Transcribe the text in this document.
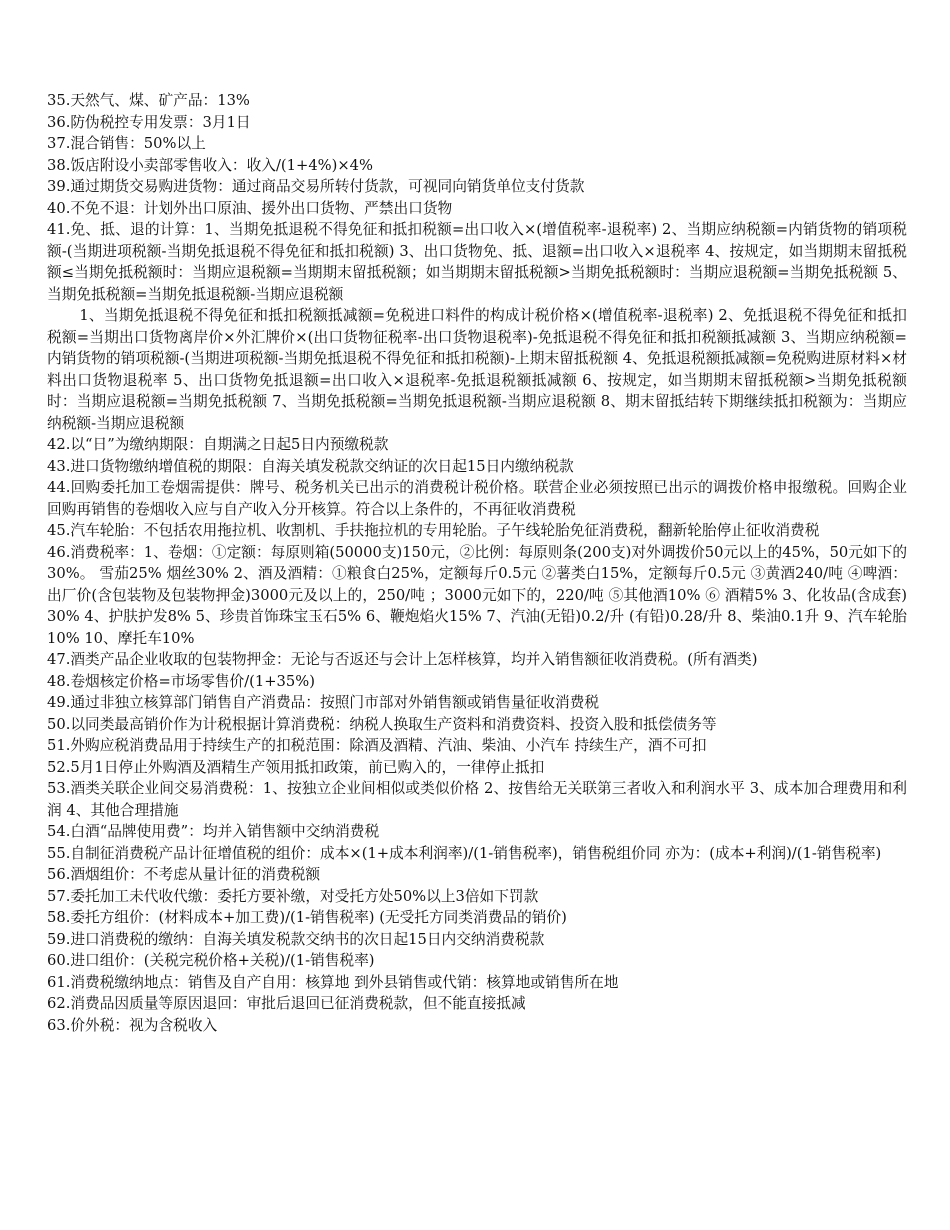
35.天然气、煤、矿产品：13%

36.防伪税控专用发票：3月1日

37.混合销售：50%以上

38.饭店附设小卖部零售收入：收入/(1+4%)×4%

39.通过期货交易购进货物：通过商品交易所转付货款，可视同向销货单位支付货款

40.不免不退：计划外出口原油、援外出口货物、严禁出口货物

41.免、抵、退的计算：1、当期免抵退税不得免征和抵扣税额=出口收入×(增值税率-退税率) 2、当期应纳税额=内销货物的销项税额-(当期进项税额-当期免抵退税不得免征和抵扣税额) 3、出口货物免、抵、退额=出口收入×退税率 4、按规定，如当期期末留抵税额≤当期免抵税额时：当期应退税额=当期期末留抵税额；如当期期末留抵税额>当期免抵税额时：当期应退税额=当期免抵税额 5、当期免抵税额=当期免抵退税额-当期应退税额

1、当期免抵退税不得免征和抵扣税额抵减额=免税进口料件的构成计税价格×(增值税率-退税率) 2、免抵退税不得免征和抵扣税额=当期出口货物离岸价×外汇牌价×(出口货物征税率-出口货物退税率)-免抵退税不得免征和抵扣税额抵减额 3、当期应纳税额=内销货物的销项税额-(当期进项税额-当期免抵退税不得免征和抵扣税额)-上期末留抵税额 4、免抵退税额抵减额=免税购进原材料×材料出口货物退税率 5、出口货物免抵退额=出口收入×退税率-免抵退税额抵减额 6、按规定，如当期期末留抵税额>当期免抵税额时：当期应退税额=当期免抵税额 7、当期免抵税额=当期免抵退税额-当期应退税额 8、期末留抵结转下期继续抵扣税额为：当期应纳税额-当期应退税额

42.以“日”为缴纳期限：自期满之日起5日内预缴税款

43.进口货物缴纳增值税的期限：自海关填发税款交纳证的次日起15日内缴纳税款

44.回购委托加工卷烟需提供：牌号、税务机关已出示的消费税计税价格。联营企业必须按照已出示的调拨价格申报缴税。回购企业回购再销售的卷烟收入应与自产收入分开核算。符合以上条件的，不再征收消费税

45.汽车轮胎：不包括农用拖拉机、收割机、手扶拖拉机的专用轮胎。子午线轮胎免征消费税，翻新轮胎停止征收消费税

46.消费税率：1、卷烟：①定额：每原则箱(50000支)150元，②比例：每原则条(200支)对外调拨价50元以上的45%，50元如下的30%。 雪茄25% 烟丝30% 2、酒及酒精：①粮食白25%，定额每斤0.5元 ②薯类白15%，定额每斤0.5元 ③黄酒240/吨 ④啤酒：出厂价(含包装物及包装物押金)3000元及以上的，250/吨 ；3000元如下的，220/吨 ⑤其他酒10% ⑥ 酒精5% 3、化妆品(含成套)30% 4、护肤护发8% 5、珍贵首饰珠宝玉石5% 6、鞭炮焰火15% 7、汽油(无铅)0.2/升 (有铅)0.28/升 8、柴油0.1升 9、汽车轮胎10% 10、摩托车10%

47.酒类产品企业收取的包装物押金：无论与否返还与会计上怎样核算，均并入销售额征收消费税。(所有酒类)

48.卷烟核定价格=市场零售价/(1+35%)

49.通过非独立核算部门销售自产消费品：按照门市部对外销售额或销售量征收消费税

50.以同类最高销价作为计税根据计算消费税：纳税人换取生产资料和消费资料、投资入股和抵偿债务等

51.外购应税消费品用于持续生产的扣税范围：除酒及酒精、汽油、柴油、小汽车 持续生产，酒不可扣

52.5月1日停止外购酒及酒精生产领用抵扣政策，前已购入的，一律停止抵扣

53.酒类关联企业间交易消费税：1、按独立企业间相似或类似价格 2、按售给无关联第三者收入和利润水平 3、成本加合理费用和利润 4、其他合理措施

54.白酒“品牌使用费”：均并入销售额中交纳消费税

55.自制征消费税产品计征增值税的组价：成本×(1+成本利润率)/(1-销售税率)，销售税组价同 亦为：(成本+利润)/(1-销售税率)

56.酒烟组价：不考虑从量计征的消费税额

57.委托加工未代收代缴：委托方要补缴，对受托方处50%以上3倍如下罚款

58.委托方组价：(材料成本+加工费)/(1-销售税率) (无受托方同类消费品的销价)

59.进口消费税的缴纳：自海关填发税款交纳书的次日起15日内交纳消费税款

60.进口组价：(关税完税价格+关税)/(1-销售税率)

61.消费税缴纳地点：销售及自产自用：核算地 到外县销售或代销：核算地或销售所在地

62.消费品因质量等原因退回：审批后退回已征消费税款，但不能直接抵减

63.价外税：视为含税收入
